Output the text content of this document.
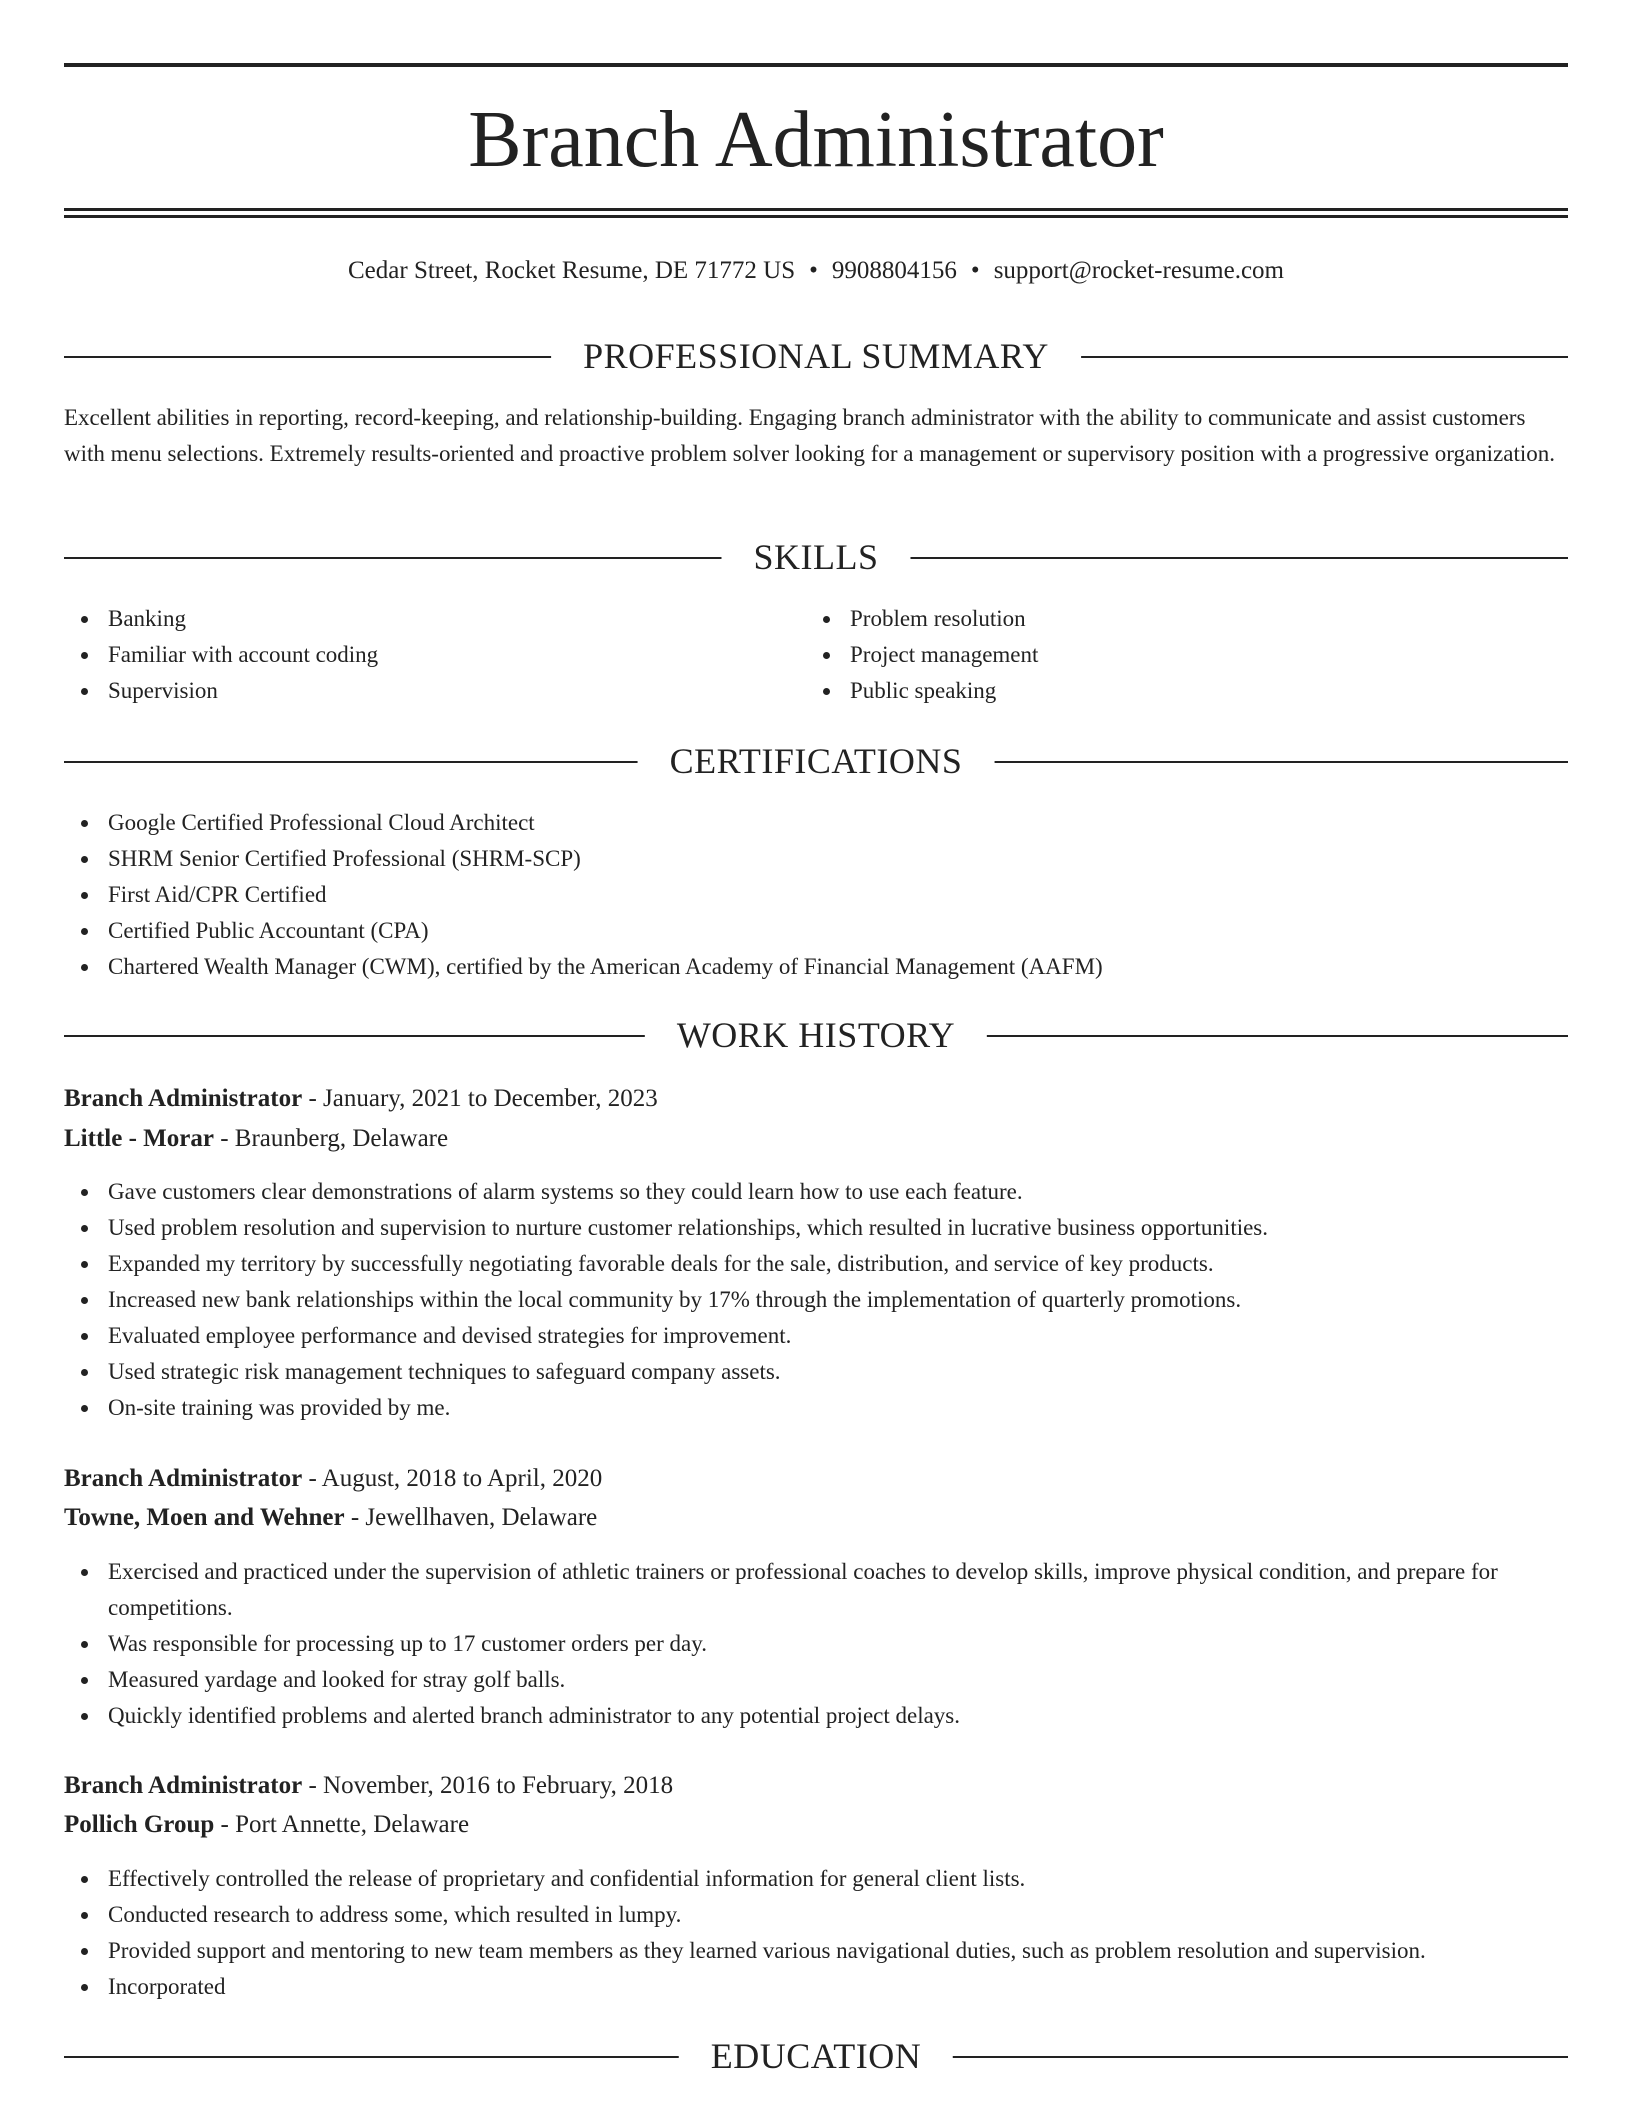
Branch Administrator
Cedar Street, Rocket Resume, DE 71772 US • 9908804156 • support@rocket-resume.com
PROFESSIONAL SUMMARY

Excellent abilities in reporting, record-keeping, and relationship-building. Engaging branch administrator with the ability to communicate and assist customers with menu selections. Extremely results-oriented and proactive problem solver looking for a management or supervisory position with a progressive organization.

SKILLS
Banking
Familiar with account coding
Supervision
Problem resolution
Project management
Public speaking
CERTIFICATIONS
Google Certified Professional Cloud Architect
SHRM Senior Certified Professional (SHRM-SCP)
First Aid/CPR Certified
Certified Public Accountant (CPA)
Chartered Wealth Manager (CWM), certified by the American Academy of Financial Management (AAFM)
WORK HISTORY
Branch Administrator - January, 2021 to December, 2023
Little - Morar - Braunberg, Delaware
Gave customers clear demonstrations of alarm systems so they could learn how to use each feature.
Used problem resolution and supervision to nurture customer relationships, which resulted in lucrative business opportunities.
Expanded my territory by successfully negotiating favorable deals for the sale, distribution, and service of key products.
Increased new bank relationships within the local community by 17% through the implementation of quarterly promotions.
Evaluated employee performance and devised strategies for improvement.
Used strategic risk management techniques to safeguard company assets.
On-site training was provided by me.
Branch Administrator - August, 2018 to April, 2020
Towne, Moen and Wehner - Jewellhaven, Delaware
Exercised and practiced under the supervision of athletic trainers or professional coaches to develop skills, improve physical condition, and prepare for competitions.
Was responsible for processing up to 17 customer orders per day.
Measured yardage and looked for stray golf balls.
Quickly identified problems and alerted branch administrator to any potential project delays.
Branch Administrator - November, 2016 to February, 2018
Pollich Group - Port Annette, Delaware
Effectively controlled the release of proprietary and confidential information for general client lists.
Conducted research to address some, which resulted in lumpy.
Provided support and mentoring to new team members as they learned various navigational duties, such as problem resolution and supervision.
Incorporated
EDUCATION
